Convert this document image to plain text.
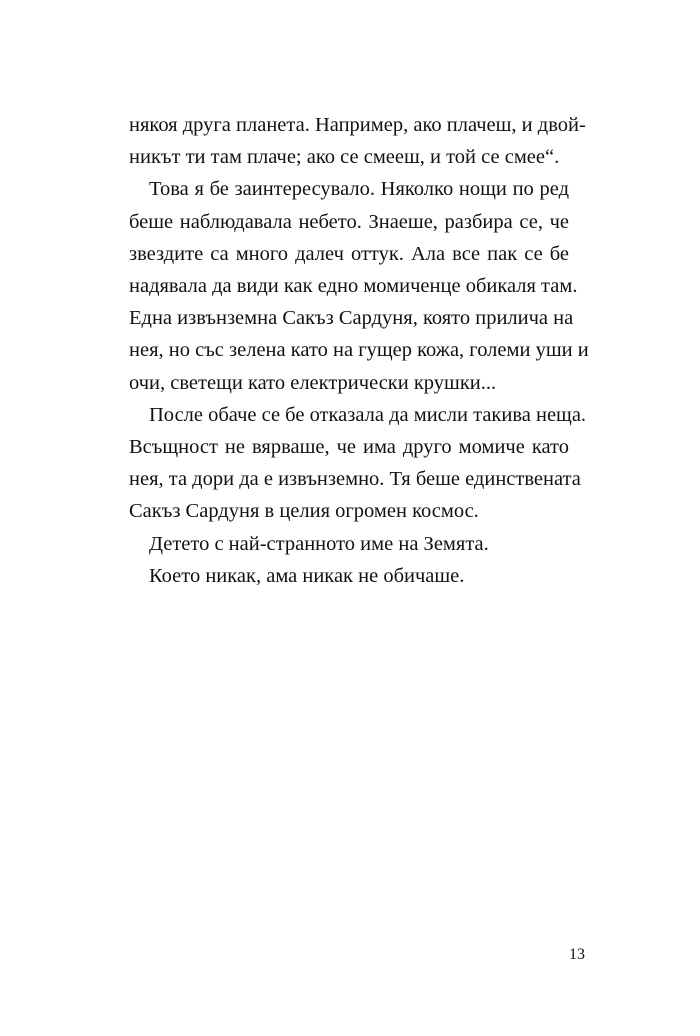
някоя друга планета. Например, ако плачеш, и двой-
никът ти там плаче; ако се смееш, и той се смее“.
Това я бе заинтересувало. Няколко нощи по ред
беше наблюдавала небето. Знаеше, разбира се, че
звездите са много далеч оттук. Ала все пак се бе
надявала да види как едно момиченце обикаля там.
Една извънземна Сакъз Сардуня, която прилича на
нея, но със зелена като на гущер кожа, големи уши и
очи, светещи като електрически крушки...
После обаче се бе отказала да мисли такива неща.
Всъщност не вярваше, че има друго момиче като
нея, та дори да е извънземно. Тя беше единствената
Сакъз Сардуня в целия огромен космос.
Детето с най-странното име на Земята.
Което никак, ама никак не обичаше.
13
